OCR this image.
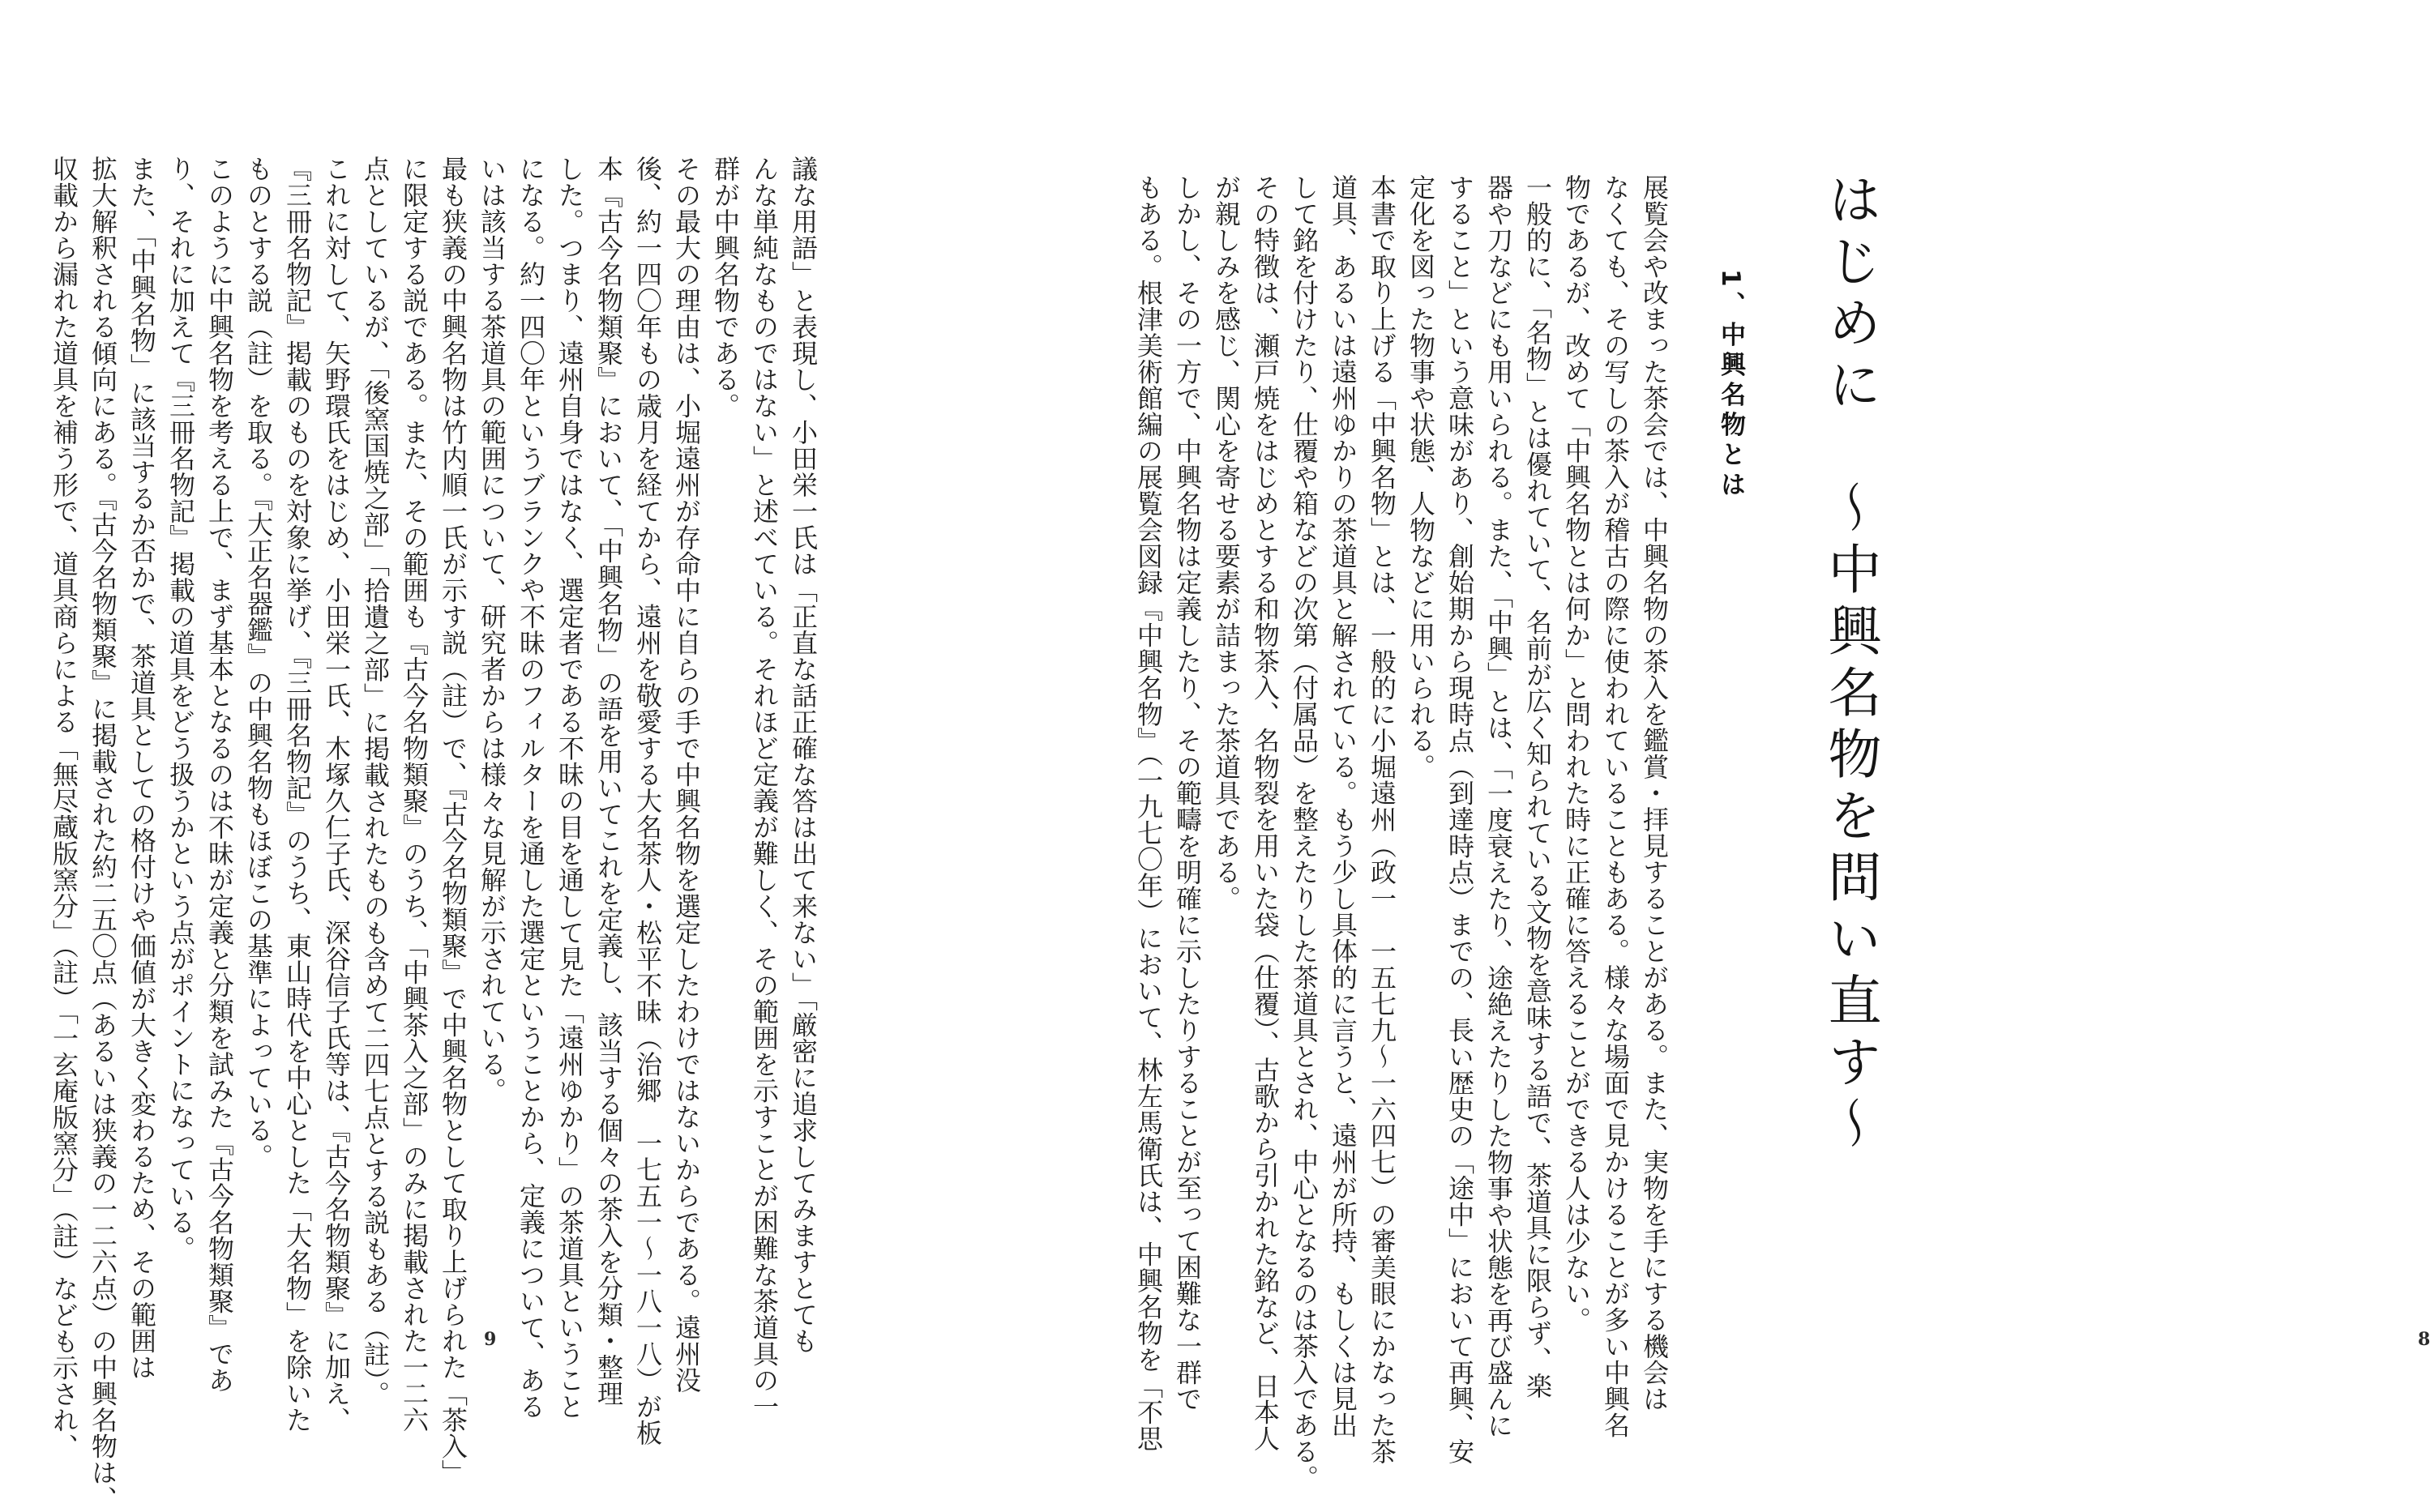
議な用語」と表現し、小田栄一氏は「正直な話正確な答は出て来ない」「厳密に追求してみますとても
んな単純なものではない」と述べている。それほど定義が難しく、その範囲を示すことが困難な茶道具の一
群が中興名物である。
その最大の理由は、小堀遠州が存命中に自らの手で中興名物を選定したわけではないからである。遠州没
後、約一四〇年もの歳月を経てから、遠州を敬愛する大名茶人・松平不昧（治郷　一七五一〜一八一八）が板
本『古今名物類聚』において、「中興名物」の語を用いてこれを定義し、該当する個々の茶入を分類・整理
した。つまり、遠州自身ではなく、選定者である不昧の目を通して見た「遠州ゆかり」の茶道具ということ
になる。約一四〇年というブランクや不昧のフィルターを通した選定ということから、定義について、ある
いは該当する茶道具の範囲について、研究者からは様々な見解が示されている。
最も狭義の中興名物は竹内順一氏が示す説（註）で、『古今名物類聚』で中興名物として取り上げられた「茶入」
に限定する説である。また、その範囲も『古今名物類聚』のうち、「中興茶入之部」のみに掲載された一二六
点としているが、「後窯国焼之部」「拾遺之部」に掲載されたものも含めて二四七点とする説もある（註）。
これに対して、矢野環氏をはじめ、小田栄一氏、木塚久仁子氏、深谷信子氏等は、『古今名物類聚』に加え、
『三冊名物記』掲載のものを対象に挙げ、『三冊名物記』のうち、東山時代を中心とした「大名物」を除いた
ものとする説（註）を取る。『大正名器鑑』の中興名物もほぼこの基準によっている。
このように中興名物を考える上で、まず基本となるのは不昧が定義と分類を試みた『古今名物類聚』であ
り、それに加えて『三冊名物記』掲載の道具をどう扱うかという点がポイントになっている。
また、「中興名物」に該当するか否かで、茶道具としての格付けや価値が大きく変わるため、その範囲は
拡大解釈される傾向にある。『古今名物類聚』に掲載された約二五〇点（あるいは狭義の一二六点）の中興名物は、
収載から漏れた道具を補う形で、道具商らによる「無尽蔵版窯分」（註）「一玄庵版窯分」（註）なども示され、	9
はじめに　〜中興名物を問い直す〜
1、中興名物とは
展覧会や改まった茶会では、中興名物の茶入を鑑賞・拝見することがある。また、実物を手にする機会は
なくても、その写しの茶入が稽古の際に使われていることもある。様々な場面で見かけることが多い中興名
物であるが、改めて「中興名物とは何か」と問われた時に正確に答えることができる人は少ない。
一般的に、「名物」とは優れていて、名前が広く知られている文物を意味する語で、茶道具に限らず、楽
器や刀などにも用いられる。また、「中興」とは、「一度衰えたり、途絶えたりした物事や状態を再び盛んに
すること」という意味があり、創始期から現時点（到達時点）までの、長い歴史の「途中」において再興、安
定化を図った物事や状態、人物などに用いられる。
本書で取り上げる「中興名物」とは、一般的に小堀遠州（政一　一五七九〜一六四七）の審美眼にかなった茶
道具、あるいは遠州ゆかりの茶道具と解されている。もう少し具体的に言うと、遠州が所持、もしくは見出
して銘を付けたり、仕覆や箱などの次第（付属品）を整えたりした茶道具とされ、中心となるのは茶入である。
その特徴は、瀬戸焼をはじめとする和物茶入、名物裂を用いた袋（仕覆）、古歌から引かれた銘など、日本人
が親しみを感じ、関心を寄せる要素が詰まった茶道具である。
しかし、その一方で、中興名物は定義したり、その範疇を明確に示したりすることが至って困難な一群で
もある。根津美術館編の展覧会図録『中興名物』（一九七〇年）において、林左馬衛氏は、中興名物を「不思	8
